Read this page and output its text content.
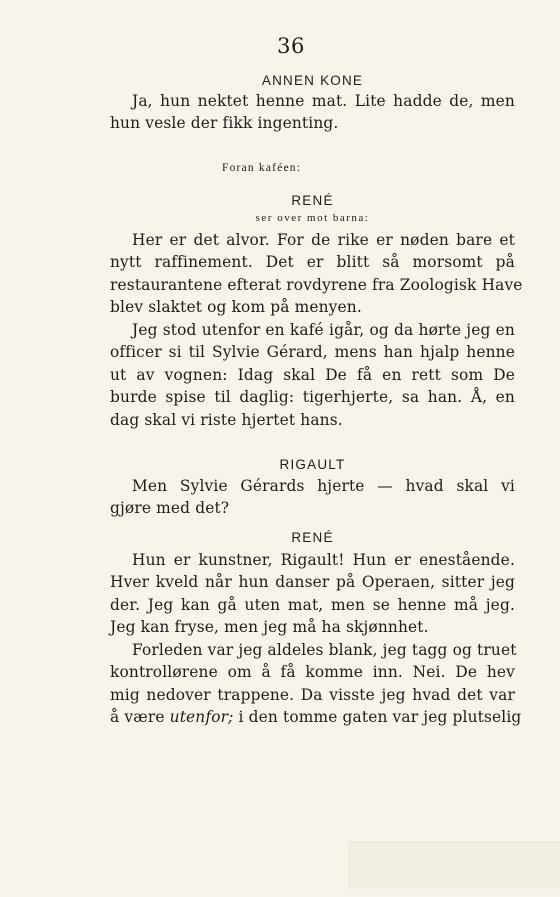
36
ANNEN KONE
Ja, hun nektet henne mat. Lite hadde de, men
hun vesle der fikk ingenting.
Foran kaféen:
RENÉ
ser over mot barna:
Her er det alvor. For de rike er nøden bare et
nytt raffinement. Det er blitt så morsomt på
restaurantene efterat rovdyrene fra Zoologisk Have
blev slaktet og kom på menyen.
Jeg stod utenfor en kafé igår, og da hørte jeg en
officer si til Sylvie Gérard, mens han hjalp henne
ut av vognen: Idag skal De få en rett som De
burde spise til daglig: tigerhjerte, sa han. Å, en
dag skal vi riste hjertet hans.
RIGAULT
Men Sylvie Gérards hjerte — hvad skal vi
gjøre med det?
RENÉ
Hun er kunstner, Rigault! Hun er enestående.
Hver kveld når hun danser på Operaen, sitter jeg
der. Jeg kan gå uten mat, men se henne må jeg.
Jeg kan fryse, men jeg må ha skjønnhet.
Forleden var jeg aldeles blank, jeg tagg og truet
kontrollørene om å få komme inn. Nei. De hev
mig nedover trappene. Da visste jeg hvad det var
å være utenfor; i den tomme gaten var jeg plutselig
